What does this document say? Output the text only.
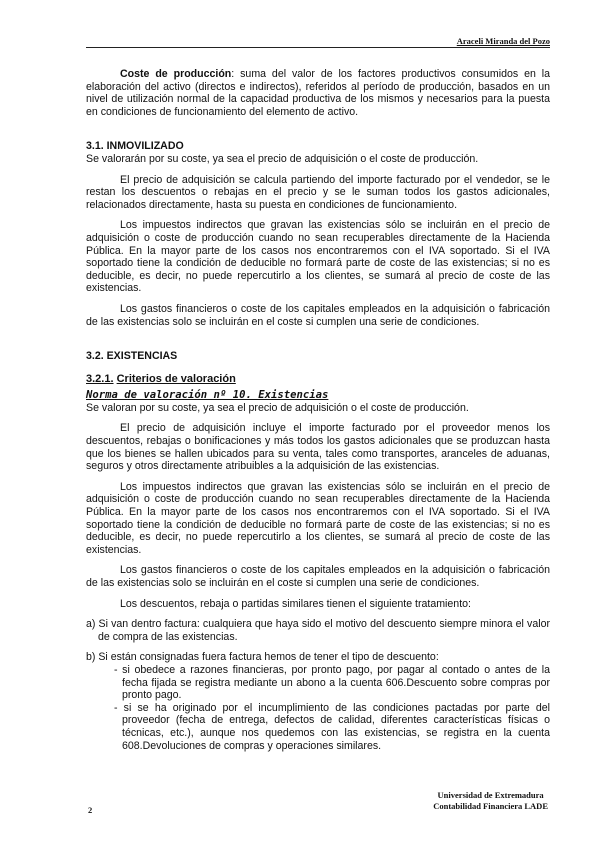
Araceli Miranda del Pozo

Coste de producción: suma del valor de los factores productivos consumidos en la elaboración del activo (directos e indirectos), referidos al período de producción, basados en un nivel de utilización normal de la capacidad productiva de los mismos y necesarios para la puesta en condiciones de funcionamiento del elemento de activo.

3.1. INMOVILIZADO

Se valorarán por su coste, ya sea el precio de adquisición o el coste de producción.

El precio de adquisición se calcula partiendo del importe facturado por el vendedor, se le restan los descuentos o rebajas en el precio y se le suman todos los gastos adicionales, relacionados directamente, hasta su puesta en condiciones de funcionamiento.

Los impuestos indirectos que gravan las existencias sólo se incluirán en el precio de adquisición o coste de producción cuando no sean recuperables directamente de la Hacienda Pública. En la mayor parte de los casos nos encontraremos con el IVA soportado. Si el IVA soportado tiene la condición de deducible no formará parte de coste de las existencias; si no es deducible, es decir, no puede repercutirlo a los clientes, se sumará al precio de coste de las existencias.

Los gastos financieros o coste de los capitales empleados en la adquisición o fabricación de las existencias solo se incluirán en el coste si cumplen una serie de condiciones.

3.2. EXISTENCIAS
3.2.1. Criterios de valoración
Norma de valoración nº 10. Existencias

Se valoran por su coste, ya sea el precio de adquisición o el coste de producción.

El precio de adquisición incluye el importe facturado por el proveedor menos los descuentos, rebajas o bonificaciones y más todos los gastos adicionales que se produzcan hasta que los bienes se hallen ubicados para su venta, tales como transportes, aranceles de aduanas, seguros y otros directamente atribuibles a la adquisición de las existencias.

Los impuestos indirectos que gravan las existencias sólo se incluirán en el precio de adquisición o coste de producción cuando no sean recuperables directamente de la Hacienda Pública. En la mayor parte de los casos nos encontraremos con el IVA soportado. Si el IVA soportado tiene la condición de deducible no formará parte de coste de las existencias; si no es deducible, es decir, no puede repercutirlo a los clientes, se sumará al precio de coste de las existencias.

Los gastos financieros o coste de los capitales empleados en la adquisición o fabricación de las existencias solo se incluirán en el coste si cumplen una serie de condiciones.

Los descuentos, rebaja o partidas similares tienen el siguiente tratamiento:

a) Si van dentro factura: cualquiera que haya sido el motivo del descuento siempre minora el valor de compra de las existencias.

b) Si están consignadas fuera factura hemos de tener el tipo de descuento:

- si obedece a razones financieras, por pronto pago, por pagar al contado o antes de la fecha fijada se registra mediante un abono a la cuenta 606.Descuento sobre compras por pronto pago.

- si se ha originado por el incumplimiento de las condiciones pactadas por parte del proveedor (fecha de entrega, defectos de calidad, diferentes características físicas o técnicas, etc.), aunque nos quedemos con las existencias, se registra en la cuenta 608.Devoluciones de compras y operaciones similares.

2
Universidad de Extremadura
Contabilidad Financiera LADE
